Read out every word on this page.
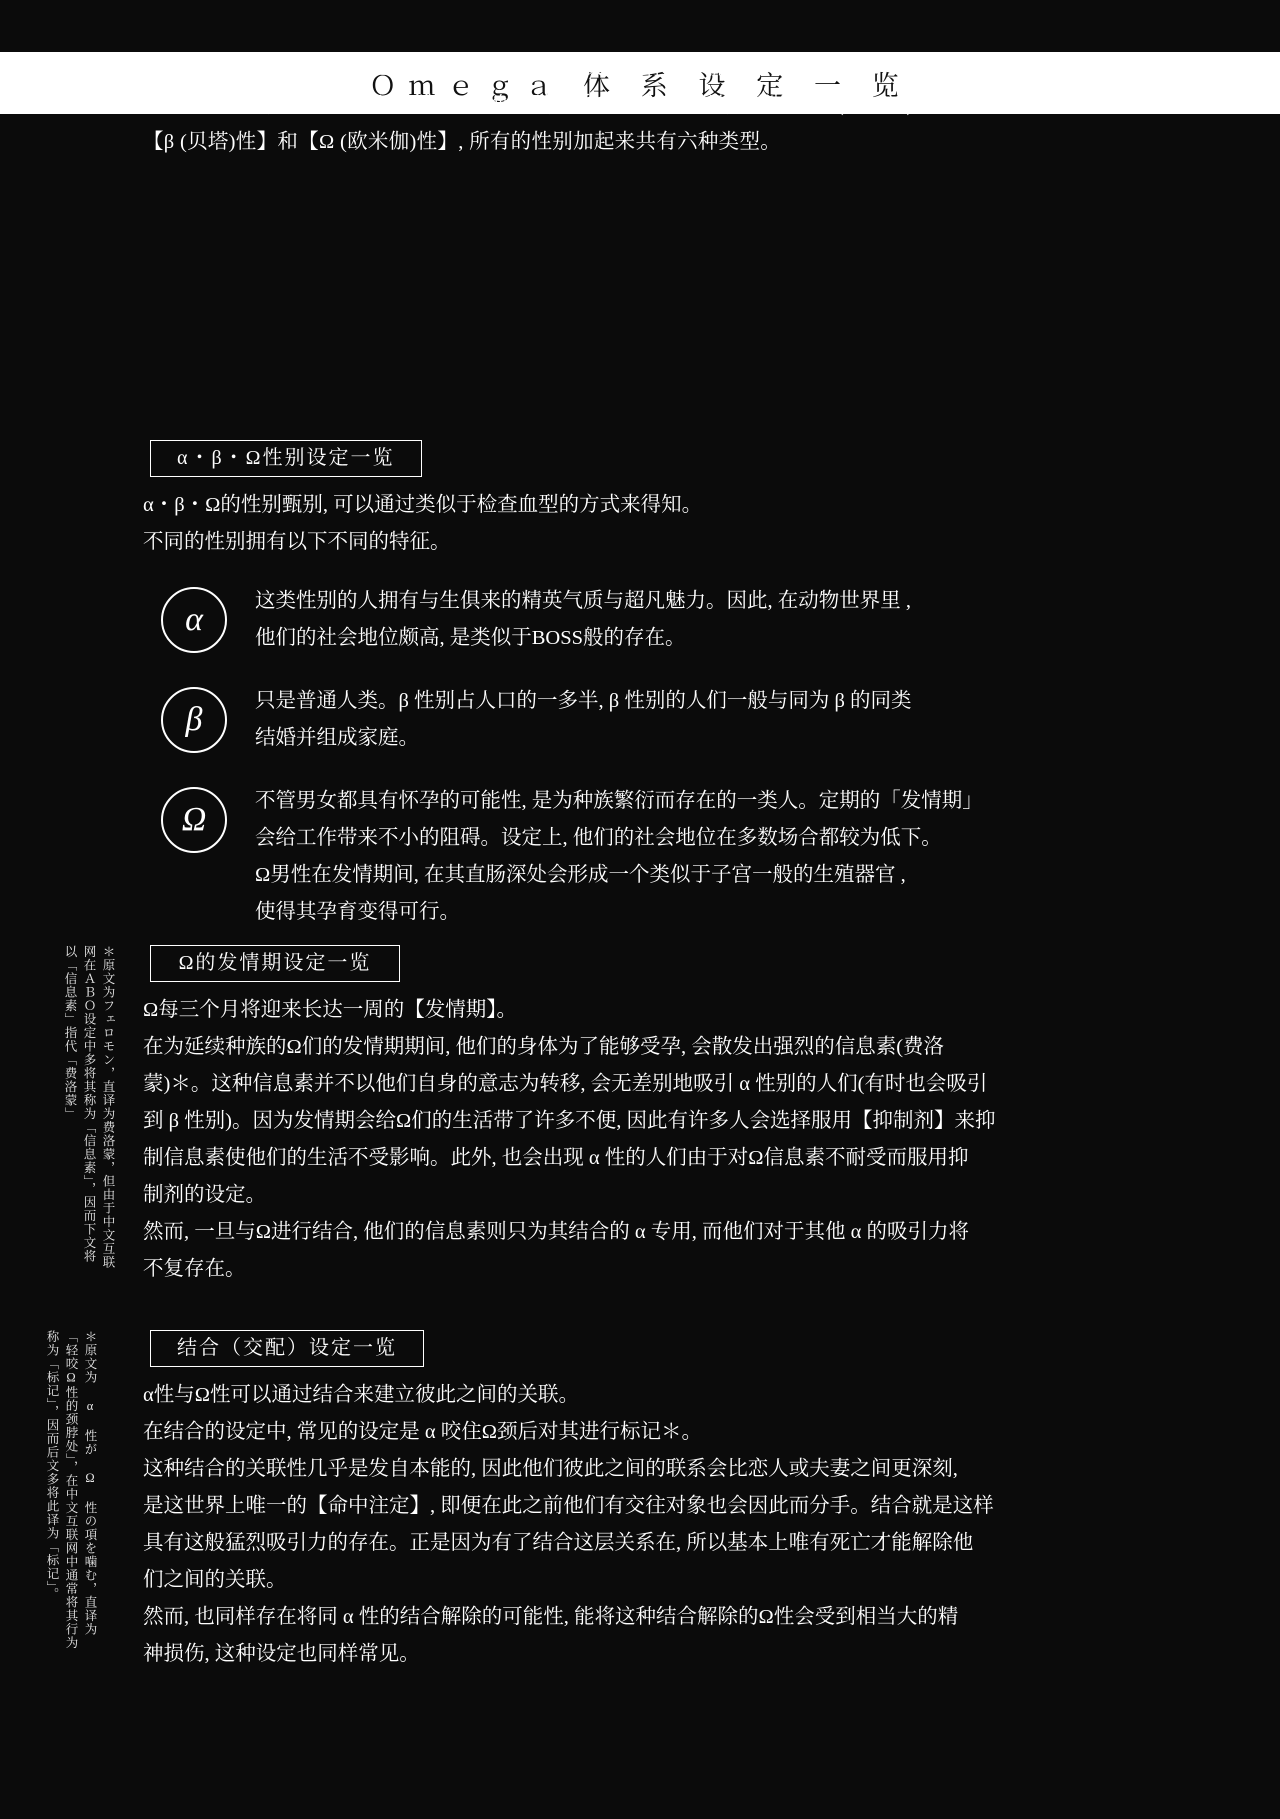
Ｏｍｅｇａ 体 系 设 定 一 览

所谓Omega体系, 即国外(泛指欧美地区)的同人二次小说作品中流行的特殊设定。

在这个世界里, 不论男女都会再加上一种性别, 这种性别分为三类, 分别为【α (阿尔法)性】、

【β (贝塔)性】和【Ω (欧米伽)性】, 所有的性别加起来共有六种类型。

α・β・Ω性别设定一览

α・β・Ω的性别甄别, 可以通过类似于检查血型的方式来得知。

不同的性别拥有以下不同的特征。

α	这类性别的人拥有与生俱来的精英气质与超凡魅力。因此, 在动物世界里 ,

他们的社会地位颇高, 是类似于BOSS般的存在。

β	只是普通人类。β 性别占人口的一多半, β 性别的人们一般与同为 β 的同类

结婚并组成家庭。

Ω	不管男女都具有怀孕的可能性, 是为种族繁衍而存在的一类人。定期的「发情期」

会给工作带来不小的阻碍。设定上, 他们的社会地位在多数场合都较为低下。

Ω男性在发情期间, 在其直肠深处会形成一个类似于子宫一般的生殖器官 ,

使得其孕育变得可行。

Ω的发情期设定一览

Ω每三个月将迎来长达一周的【发情期】。

在为延续种族的Ω们的发情期期间, 他们的身体为了能够受孕, 会散发出强烈的信息素(费洛

蒙)＊。这种信息素并不以他们自身的意志为转移, 会无差别地吸引 α 性别的人们(有时也会吸引

到 β 性别)。因为发情期会给Ω们的生活带了许多不便, 因此有许多人会选择服用【抑制剂】来抑

制信息素使他们的生活不受影响。此外, 也会出现 α 性的人们由于对Ω信息素不耐受而服用抑

制剂的设定。

然而, 一旦与Ω进行结合, 他们的信息素则只为其结合的 α 专用, 而他们对于其他 α 的吸引力将

不复存在。

结合（交配）设定一览

α性与Ω性可以通过结合来建立彼此之间的关联。

在结合的设定中, 常见的设定是 α 咬住Ω颈后对其进行标记＊。

这种结合的关联性几乎是发自本能的, 因此他们彼此之间的联系会比恋人或夫妻之间更深刻,

是这世界上唯一的【命中注定】, 即便在此之前他们有交往对象也会因此而分手。结合就是这样

具有这般猛烈吸引力的存在。正是因为有了结合这层关系在, 所以基本上唯有死亡才能解除他

们之间的关联。

然而, 也同样存在将同 α 性的结合解除的可能性, 能将这种结合解除的Ω性会受到相当大的精

神损伤, 这种设定也同样常见。

＊原文为フェロモン，直译为费洛蒙，但由于中文互联网在ＡＢＯ设定中多将其称为「信息素」，因而下文将以「信息素」指代「费洛蒙」

＊原文为 α 性が Ω 性の項を噛む，直译为「轻咬Ω性的颈脖处」，在中文互联网中通常将其行为称为「标记」，因而后文多将此译为「标记」。
